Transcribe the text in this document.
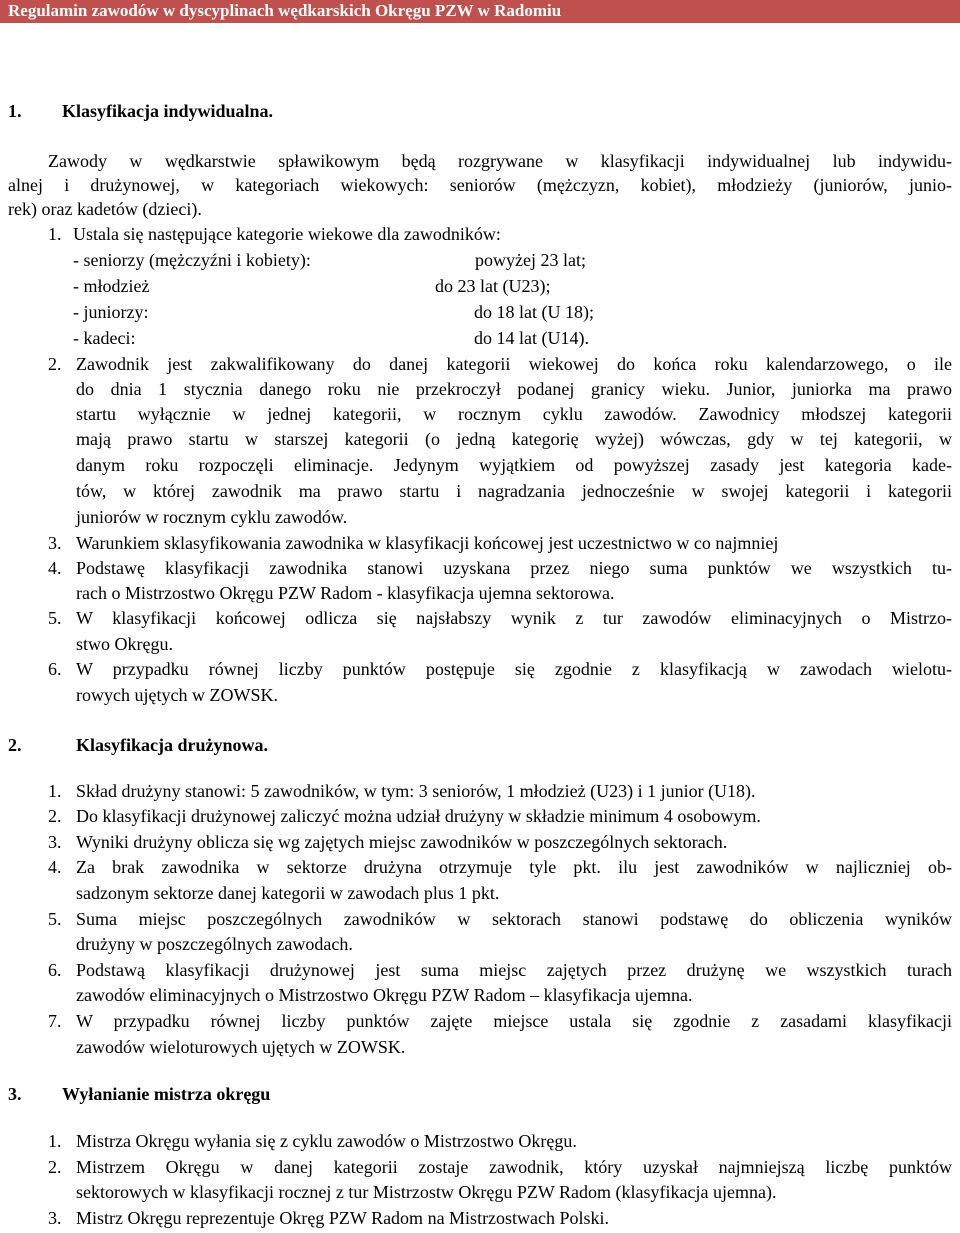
Regulamin zawodów w dyscyplinach wędkarskich Okręgu PZW w Radomiu
1. Klasyfikacja indywidualna.
Zawody w wędkarstwie spławikowym będą rozgrywane w klasyfikacji indywidualnej lub indywidu-
alnej i drużynowej, w kategoriach wiekowych: seniorów (mężczyzn, kobiet), młodzieży (juniorów, junio-
rek) oraz kadetów (dzieci).
1. Ustala się następujące kategorie wiekowe dla zawodników:
- seniorzy (mężczyźni i kobiety):	powyżej 23 lat;
- młodzież	do 23 lat (U23);
- juniorzy:	do 18 lat (U 18);
- kadeci:	do 14 lat (U14).
2. Zawodnik jest zakwalifikowany do danej kategorii wiekowej do końca roku kalendarzowego, o ile
do dnia 1 stycznia danego roku nie przekroczył podanej granicy wieku. Junior, juniorka ma prawo
startu wyłącznie w jednej kategorii, w rocznym cyklu zawodów. Zawodnicy młodszej kategorii
mają prawo startu w starszej kategorii (o jedną kategorię wyżej) wówczas, gdy w tej kategorii, w
danym roku rozpoczęli eliminacje. Jedynym wyjątkiem od powyższej zasady jest kategoria kade-
tów, w której zawodnik ma prawo startu i nagradzania jednocześnie w swojej kategorii i kategorii
juniorów w rocznym cyklu zawodów.
3. Warunkiem sklasyfikowania zawodnika w klasyfikacji końcowej jest uczestnictwo w co najmniej
4. Podstawę klasyfikacji zawodnika stanowi uzyskana przez niego suma punktów we wszystkich tu-
rach o Mistrzostwo Okręgu PZW Radom - klasyfikacja ujemna sektorowa.
5. W klasyfikacji końcowej odlicza się najsłabszy wynik z tur zawodów eliminacyjnych o Mistrzo-
stwo Okręgu.
6. W przypadku równej liczby punktów postępuje się zgodnie z klasyfikacją w zawodach wielotu-
rowych ujętych w ZOWSK.
2.	Klasyfikacja drużynowa.
1. Skład drużyny stanowi: 5 zawodników, w tym: 3 seniorów, 1 młodzież (U23) i 1 junior (U18).
2. Do klasyfikacji drużynowej zaliczyć można udział drużyny w składzie minimum 4 osobowym.
3. Wyniki drużyny oblicza się wg zajętych miejsc zawodników w poszczególnych sektorach.
4. Za brak zawodnika w sektorze drużyna otrzymuje tyle pkt. ilu jest zawodników w najliczniej ob-
sadzonym sektorze danej kategorii w zawodach plus 1 pkt.
5. Suma miejsc poszczególnych zawodników w sektorach stanowi podstawę do obliczenia wyników
drużyny w poszczególnych zawodach.
6. Podstawą klasyfikacji drużynowej jest suma miejsc zajętych przez drużynę we wszystkich turach
zawodów eliminacyjnych o Mistrzostwo Okręgu PZW Radom – klasyfikacja ujemna.
7. W przypadku równej liczby punktów zajęte miejsce ustala się zgodnie z zasadami klasyfikacji
zawodów wieloturowych ujętych w ZOWSK.
3. Wyłanianie mistrza okręgu
1. Mistrza Okręgu wyłania się z cyklu zawodów o Mistrzostwo Okręgu.
2. Mistrzem Okręgu w danej kategorii zostaje zawodnik, który uzyskał najmniejszą liczbę punktów
sektorowych w klasyfikacji rocznej z tur Mistrzostw Okręgu PZW Radom (klasyfikacja ujemna).
3. Mistrz Okręgu reprezentuje Okręg PZW Radom na Mistrzostwach Polski.
